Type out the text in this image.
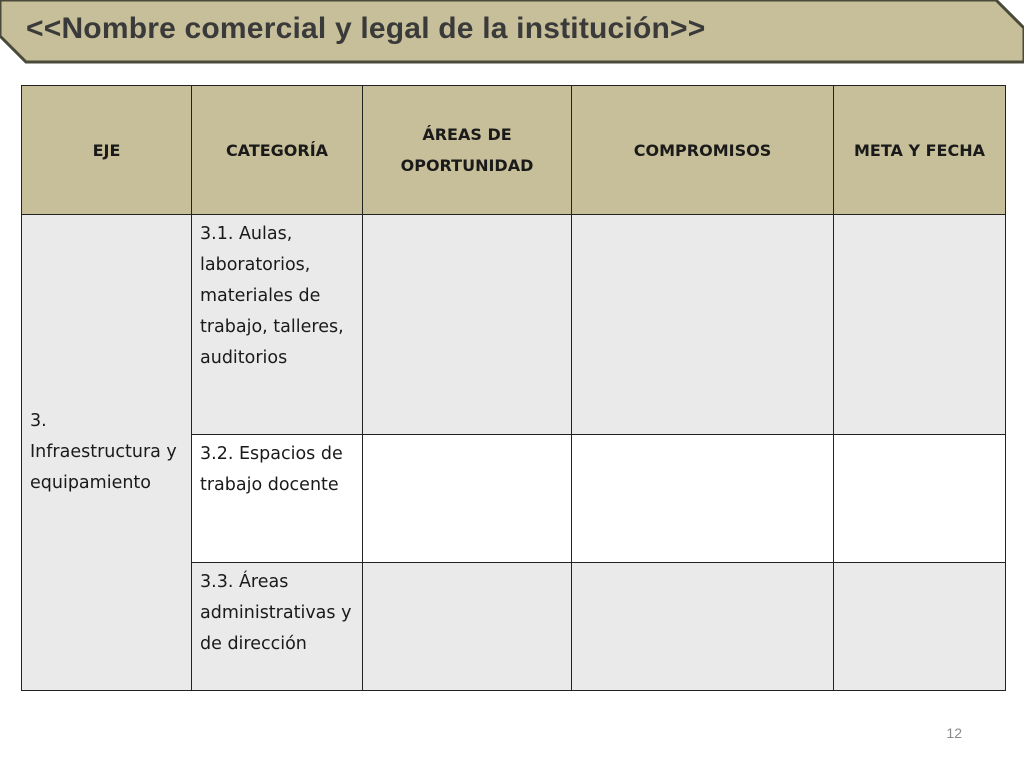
<<Nombre comercial y legal de la institución>>
EJE	CATEGORÍA	ÁREAS DE OPORTUNIDAD	COMPROMISOS	META Y FECHA
3. Infraestructura y equipamiento	3.1. Aulas, laboratorios, materiales de trabajo, talleres, auditorios			
	3.2. Espacios de trabajo docente			
	3.3. Áreas administrativas y de dirección			
12
